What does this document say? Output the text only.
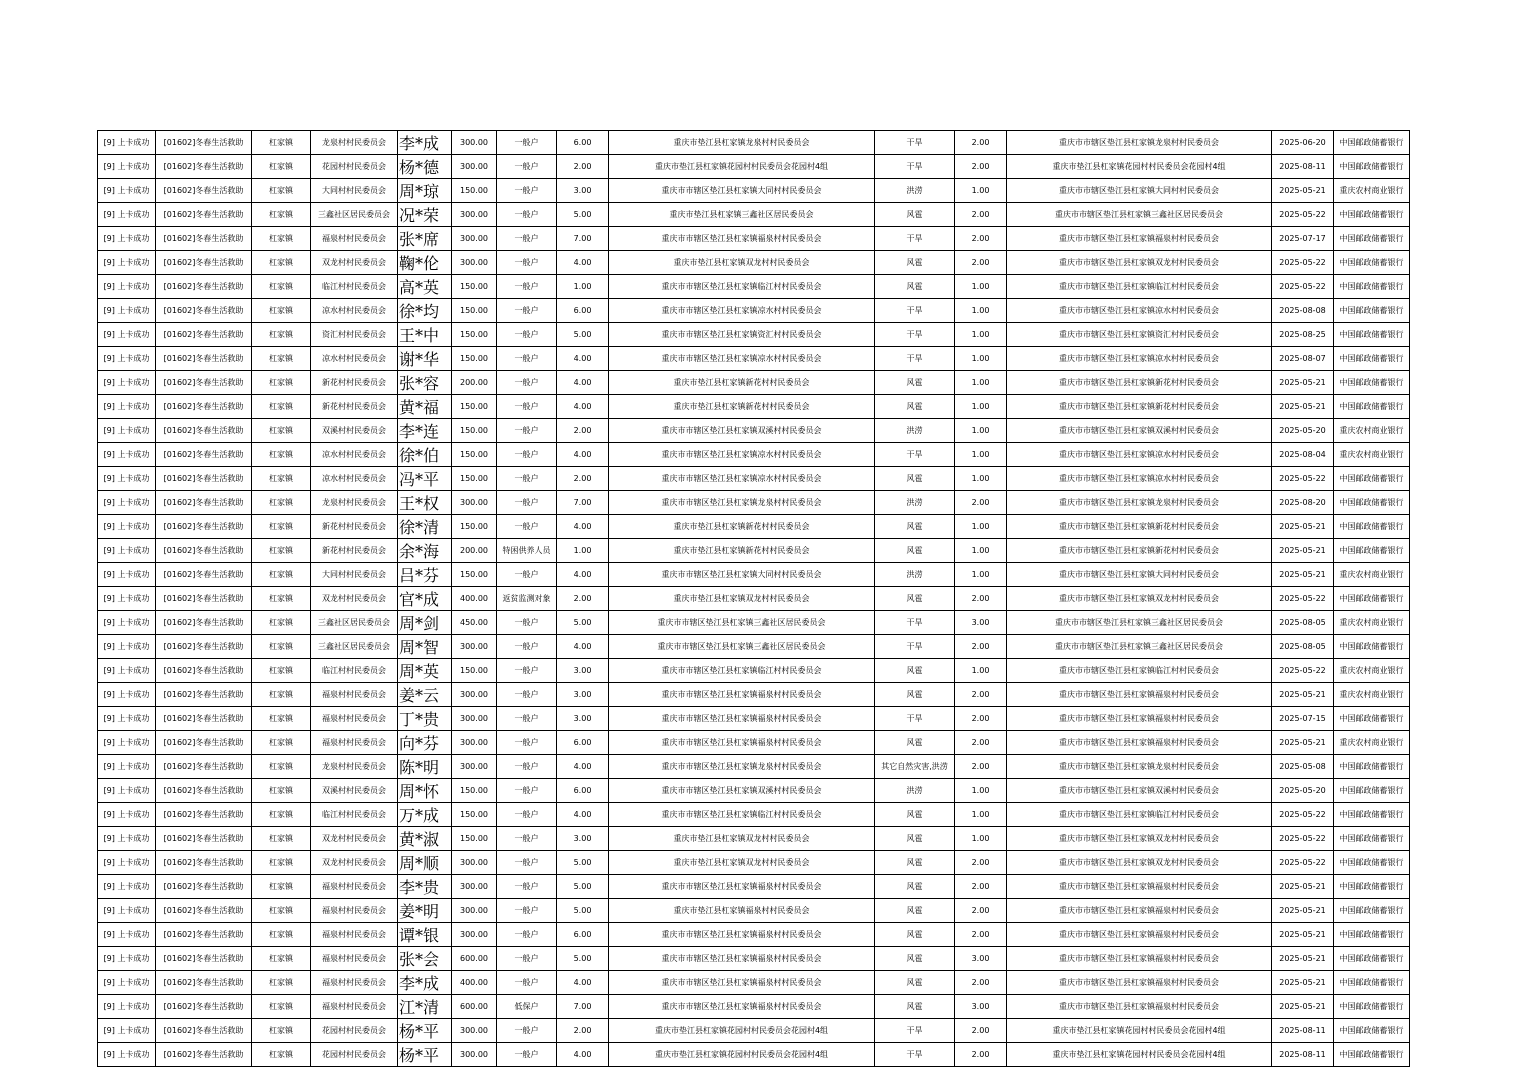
[9] 上卡成功	[01602]冬春生活救助	杠家镇	龙泉村村民委员会	李*成		300.00	一般户	6.00	重庆市垫江县杠家镇龙泉村村民委员会	干旱	2.00	重庆市市辖区垫江县杠家镇龙泉村村民委员会	2025-06-20	中国邮政储蓄银行
[9] 上卡成功	[01602]冬春生活救助	杠家镇	花园村村民委员会	杨*德		300.00	一般户	2.00	重庆市垫江县杠家镇花园村村民委员会花园村4组	干旱	2.00	重庆市垫江县杠家镇花园村村民委员会花园村4组	2025-08-11	中国邮政储蓄银行
[9] 上卡成功	[01602]冬春生活救助	杠家镇	大同村村民委员会	周*琼		150.00	一般户	3.00	重庆市市辖区垫江县杠家镇大同村村民委员会	洪涝	1.00	重庆市市辖区垫江县杠家镇大同村村民委员会	2025-05-21	重庆农村商业银行
[9] 上卡成功	[01602]冬春生活救助	杠家镇	三鑫社区居民委员会	况*荣		300.00	一般户	5.00	重庆市垫江县杠家镇三鑫社区居民委员会	风雹	2.00	重庆市市辖区垫江县杠家镇三鑫社区居民委员会	2025-05-22	中国邮政储蓄银行
[9] 上卡成功	[01602]冬春生活救助	杠家镇	福泉村村民委员会	张*席		300.00	一般户	7.00	重庆市市辖区垫江县杠家镇福泉村村民委员会	干旱	2.00	重庆市市辖区垫江县杠家镇福泉村村民委员会	2025-07-17	中国邮政储蓄银行
[9] 上卡成功	[01602]冬春生活救助	杠家镇	双龙村村民委员会	鞠*伦		300.00	一般户	4.00	重庆市垫江县杠家镇双龙村村民委员会	风雹	2.00	重庆市市辖区垫江县杠家镇双龙村村民委员会	2025-05-22	中国邮政储蓄银行
[9] 上卡成功	[01602]冬春生活救助	杠家镇	临江村村民委员会	高*英		150.00	一般户	1.00	重庆市市辖区垫江县杠家镇临江村村民委员会	风雹	1.00	重庆市市辖区垫江县杠家镇临江村村民委员会	2025-05-22	中国邮政储蓄银行
[9] 上卡成功	[01602]冬春生活救助	杠家镇	凉水村村民委员会	徐*均		150.00	一般户	6.00	重庆市市辖区垫江县杠家镇凉水村村民委员会	干旱	1.00	重庆市市辖区垫江县杠家镇凉水村村民委员会	2025-08-08	中国邮政储蓄银行
[9] 上卡成功	[01602]冬春生活救助	杠家镇	资汇村村民委员会	王*中		150.00	一般户	5.00	重庆市市辖区垫江县杠家镇资汇村村民委员会	干旱	1.00	重庆市市辖区垫江县杠家镇资汇村村民委员会	2025-08-25	中国邮政储蓄银行
[9] 上卡成功	[01602]冬春生活救助	杠家镇	凉水村村民委员会	谢*华		150.00	一般户	4.00	重庆市市辖区垫江县杠家镇凉水村村民委员会	干旱	1.00	重庆市市辖区垫江县杠家镇凉水村村民委员会	2025-08-07	中国邮政储蓄银行
[9] 上卡成功	[01602]冬春生活救助	杠家镇	新花村村民委员会	张*容		200.00	一般户	4.00	重庆市垫江县杠家镇新花村村民委员会	风雹	1.00	重庆市市辖区垫江县杠家镇新花村村民委员会	2025-05-21	中国邮政储蓄银行
[9] 上卡成功	[01602]冬春生活救助	杠家镇	新花村村民委员会	黄*福		150.00	一般户	4.00	重庆市垫江县杠家镇新花村村民委员会	风雹	1.00	重庆市市辖区垫江县杠家镇新花村村民委员会	2025-05-21	中国邮政储蓄银行
[9] 上卡成功	[01602]冬春生活救助	杠家镇	双溪村村民委员会	李*连		150.00	一般户	2.00	重庆市市辖区垫江县杠家镇双溪村村民委员会	洪涝	1.00	重庆市市辖区垫江县杠家镇双溪村村民委员会	2025-05-20	重庆农村商业银行
[9] 上卡成功	[01602]冬春生活救助	杠家镇	凉水村村民委员会	徐*伯		150.00	一般户	4.00	重庆市市辖区垫江县杠家镇凉水村村民委员会	干旱	1.00	重庆市市辖区垫江县杠家镇凉水村村民委员会	2025-08-04	重庆农村商业银行
[9] 上卡成功	[01602]冬春生活救助	杠家镇	凉水村村民委员会	冯*平		150.00	一般户	2.00	重庆市市辖区垫江县杠家镇凉水村村民委员会	风雹	1.00	重庆市市辖区垫江县杠家镇凉水村村民委员会	2025-05-22	中国邮政储蓄银行
[9] 上卡成功	[01602]冬春生活救助	杠家镇	龙泉村村民委员会	王*权		300.00	一般户	7.00	重庆市市辖区垫江县杠家镇龙泉村村民委员会	洪涝	2.00	重庆市市辖区垫江县杠家镇龙泉村村民委员会	2025-08-20	中国邮政储蓄银行
[9] 上卡成功	[01602]冬春生活救助	杠家镇	新花村村民委员会	徐*清		150.00	一般户	4.00	重庆市垫江县杠家镇新花村村民委员会	风雹	1.00	重庆市市辖区垫江县杠家镇新花村村民委员会	2025-05-21	中国邮政储蓄银行
[9] 上卡成功	[01602]冬春生活救助	杠家镇	新花村村民委员会	余*海		200.00	特困供养人员	1.00	重庆市垫江县杠家镇新花村村民委员会	风雹	1.00	重庆市市辖区垫江县杠家镇新花村村民委员会	2025-05-21	中国邮政储蓄银行
[9] 上卡成功	[01602]冬春生活救助	杠家镇	大同村村民委员会	吕*芬		150.00	一般户	4.00	重庆市市辖区垫江县杠家镇大同村村民委员会	洪涝	1.00	重庆市市辖区垫江县杠家镇大同村村民委员会	2025-05-21	重庆农村商业银行
[9] 上卡成功	[01602]冬春生活救助	杠家镇	双龙村村民委员会	官*成		400.00	返贫监测对象	2.00	重庆市垫江县杠家镇双龙村村民委员会	风雹	2.00	重庆市市辖区垫江县杠家镇双龙村村民委员会	2025-05-22	中国邮政储蓄银行
[9] 上卡成功	[01602]冬春生活救助	杠家镇	三鑫社区居民委员会	周*剑		450.00	一般户	5.00	重庆市市辖区垫江县杠家镇三鑫社区居民委员会	干旱	3.00	重庆市市辖区垫江县杠家镇三鑫社区居民委员会	2025-08-05	重庆农村商业银行
[9] 上卡成功	[01602]冬春生活救助	杠家镇	三鑫社区居民委员会	周*智		300.00	一般户	4.00	重庆市市辖区垫江县杠家镇三鑫社区居民委员会	干旱	2.00	重庆市市辖区垫江县杠家镇三鑫社区居民委员会	2025-08-05	中国邮政储蓄银行
[9] 上卡成功	[01602]冬春生活救助	杠家镇	临江村村民委员会	周*英		150.00	一般户	3.00	重庆市市辖区垫江县杠家镇临江村村民委员会	风雹	1.00	重庆市市辖区垫江县杠家镇临江村村民委员会	2025-05-22	重庆农村商业银行
[9] 上卡成功	[01602]冬春生活救助	杠家镇	福泉村村民委员会	姜*云		300.00	一般户	3.00	重庆市市辖区垫江县杠家镇福泉村村民委员会	风雹	2.00	重庆市市辖区垫江县杠家镇福泉村村民委员会	2025-05-21	重庆农村商业银行
[9] 上卡成功	[01602]冬春生活救助	杠家镇	福泉村村民委员会	丁*贵		300.00	一般户	3.00	重庆市市辖区垫江县杠家镇福泉村村民委员会	干旱	2.00	重庆市市辖区垫江县杠家镇福泉村村民委员会	2025-07-15	中国邮政储蓄银行
[9] 上卡成功	[01602]冬春生活救助	杠家镇	福泉村村民委员会	向*芬		300.00	一般户	6.00	重庆市市辖区垫江县杠家镇福泉村村民委员会	风雹	2.00	重庆市市辖区垫江县杠家镇福泉村村民委员会	2025-05-21	重庆农村商业银行
[9] 上卡成功	[01602]冬春生活救助	杠家镇	龙泉村村民委员会	陈*明		300.00	一般户	4.00	重庆市市辖区垫江县杠家镇龙泉村村民委员会	其它自然灾害,洪涝	2.00	重庆市市辖区垫江县杠家镇龙泉村村民委员会	2025-05-08	中国邮政储蓄银行
[9] 上卡成功	[01602]冬春生活救助	杠家镇	双溪村村民委员会	周*怀		150.00	一般户	6.00	重庆市市辖区垫江县杠家镇双溪村村民委员会	洪涝	1.00	重庆市市辖区垫江县杠家镇双溪村村民委员会	2025-05-20	中国邮政储蓄银行
[9] 上卡成功	[01602]冬春生活救助	杠家镇	临江村村民委员会	万*成		150.00	一般户	4.00	重庆市市辖区垫江县杠家镇临江村村民委员会	风雹	1.00	重庆市市辖区垫江县杠家镇临江村村民委员会	2025-05-22	中国邮政储蓄银行
[9] 上卡成功	[01602]冬春生活救助	杠家镇	双龙村村民委员会	黄*淑		150.00	一般户	3.00	重庆市垫江县杠家镇双龙村村民委员会	风雹	1.00	重庆市市辖区垫江县杠家镇双龙村村民委员会	2025-05-22	中国邮政储蓄银行
[9] 上卡成功	[01602]冬春生活救助	杠家镇	双龙村村民委员会	周*顺		300.00	一般户	5.00	重庆市垫江县杠家镇双龙村村民委员会	风雹	2.00	重庆市市辖区垫江县杠家镇双龙村村民委员会	2025-05-22	中国邮政储蓄银行
[9] 上卡成功	[01602]冬春生活救助	杠家镇	福泉村村民委员会	李*贵		300.00	一般户	5.00	重庆市市辖区垫江县杠家镇福泉村村民委员会	风雹	2.00	重庆市市辖区垫江县杠家镇福泉村村民委员会	2025-05-21	中国邮政储蓄银行
[9] 上卡成功	[01602]冬春生活救助	杠家镇	福泉村村民委员会	姜*明		300.00	一般户	5.00	重庆市垫江县杠家镇福泉村村民委员会	风雹	2.00	重庆市市辖区垫江县杠家镇福泉村村民委员会	2025-05-21	中国邮政储蓄银行
[9] 上卡成功	[01602]冬春生活救助	杠家镇	福泉村村民委员会	谭*银		300.00	一般户	6.00	重庆市市辖区垫江县杠家镇福泉村村民委员会	风雹	2.00	重庆市市辖区垫江县杠家镇福泉村村民委员会	2025-05-21	中国邮政储蓄银行
[9] 上卡成功	[01602]冬春生活救助	杠家镇	福泉村村民委员会	张*会		600.00	一般户	5.00	重庆市市辖区垫江县杠家镇福泉村村民委员会	风雹	3.00	重庆市市辖区垫江县杠家镇福泉村村民委员会	2025-05-21	中国邮政储蓄银行
[9] 上卡成功	[01602]冬春生活救助	杠家镇	福泉村村民委员会	李*成		400.00	一般户	4.00	重庆市市辖区垫江县杠家镇福泉村村民委员会	风雹	2.00	重庆市市辖区垫江县杠家镇福泉村村民委员会	2025-05-21	中国邮政储蓄银行
[9] 上卡成功	[01602]冬春生活救助	杠家镇	福泉村村民委员会	江*清		600.00	低保户	7.00	重庆市市辖区垫江县杠家镇福泉村村民委员会	风雹	3.00	重庆市市辖区垫江县杠家镇福泉村村民委员会	2025-05-21	中国邮政储蓄银行
[9] 上卡成功	[01602]冬春生活救助	杠家镇	花园村村民委员会	杨*平		300.00	一般户	2.00	重庆市垫江县杠家镇花园村村民委员会花园村4组	干旱	2.00	重庆市垫江县杠家镇花园村村民委员会花园村4组	2025-08-11	中国邮政储蓄银行
[9] 上卡成功	[01602]冬春生活救助	杠家镇	花园村村民委员会	杨*平		300.00	一般户	4.00	重庆市垫江县杠家镇花园村村民委员会花园村4组	干旱	2.00	重庆市垫江县杠家镇花园村村民委员会花园村4组	2025-08-11	中国邮政储蓄银行
